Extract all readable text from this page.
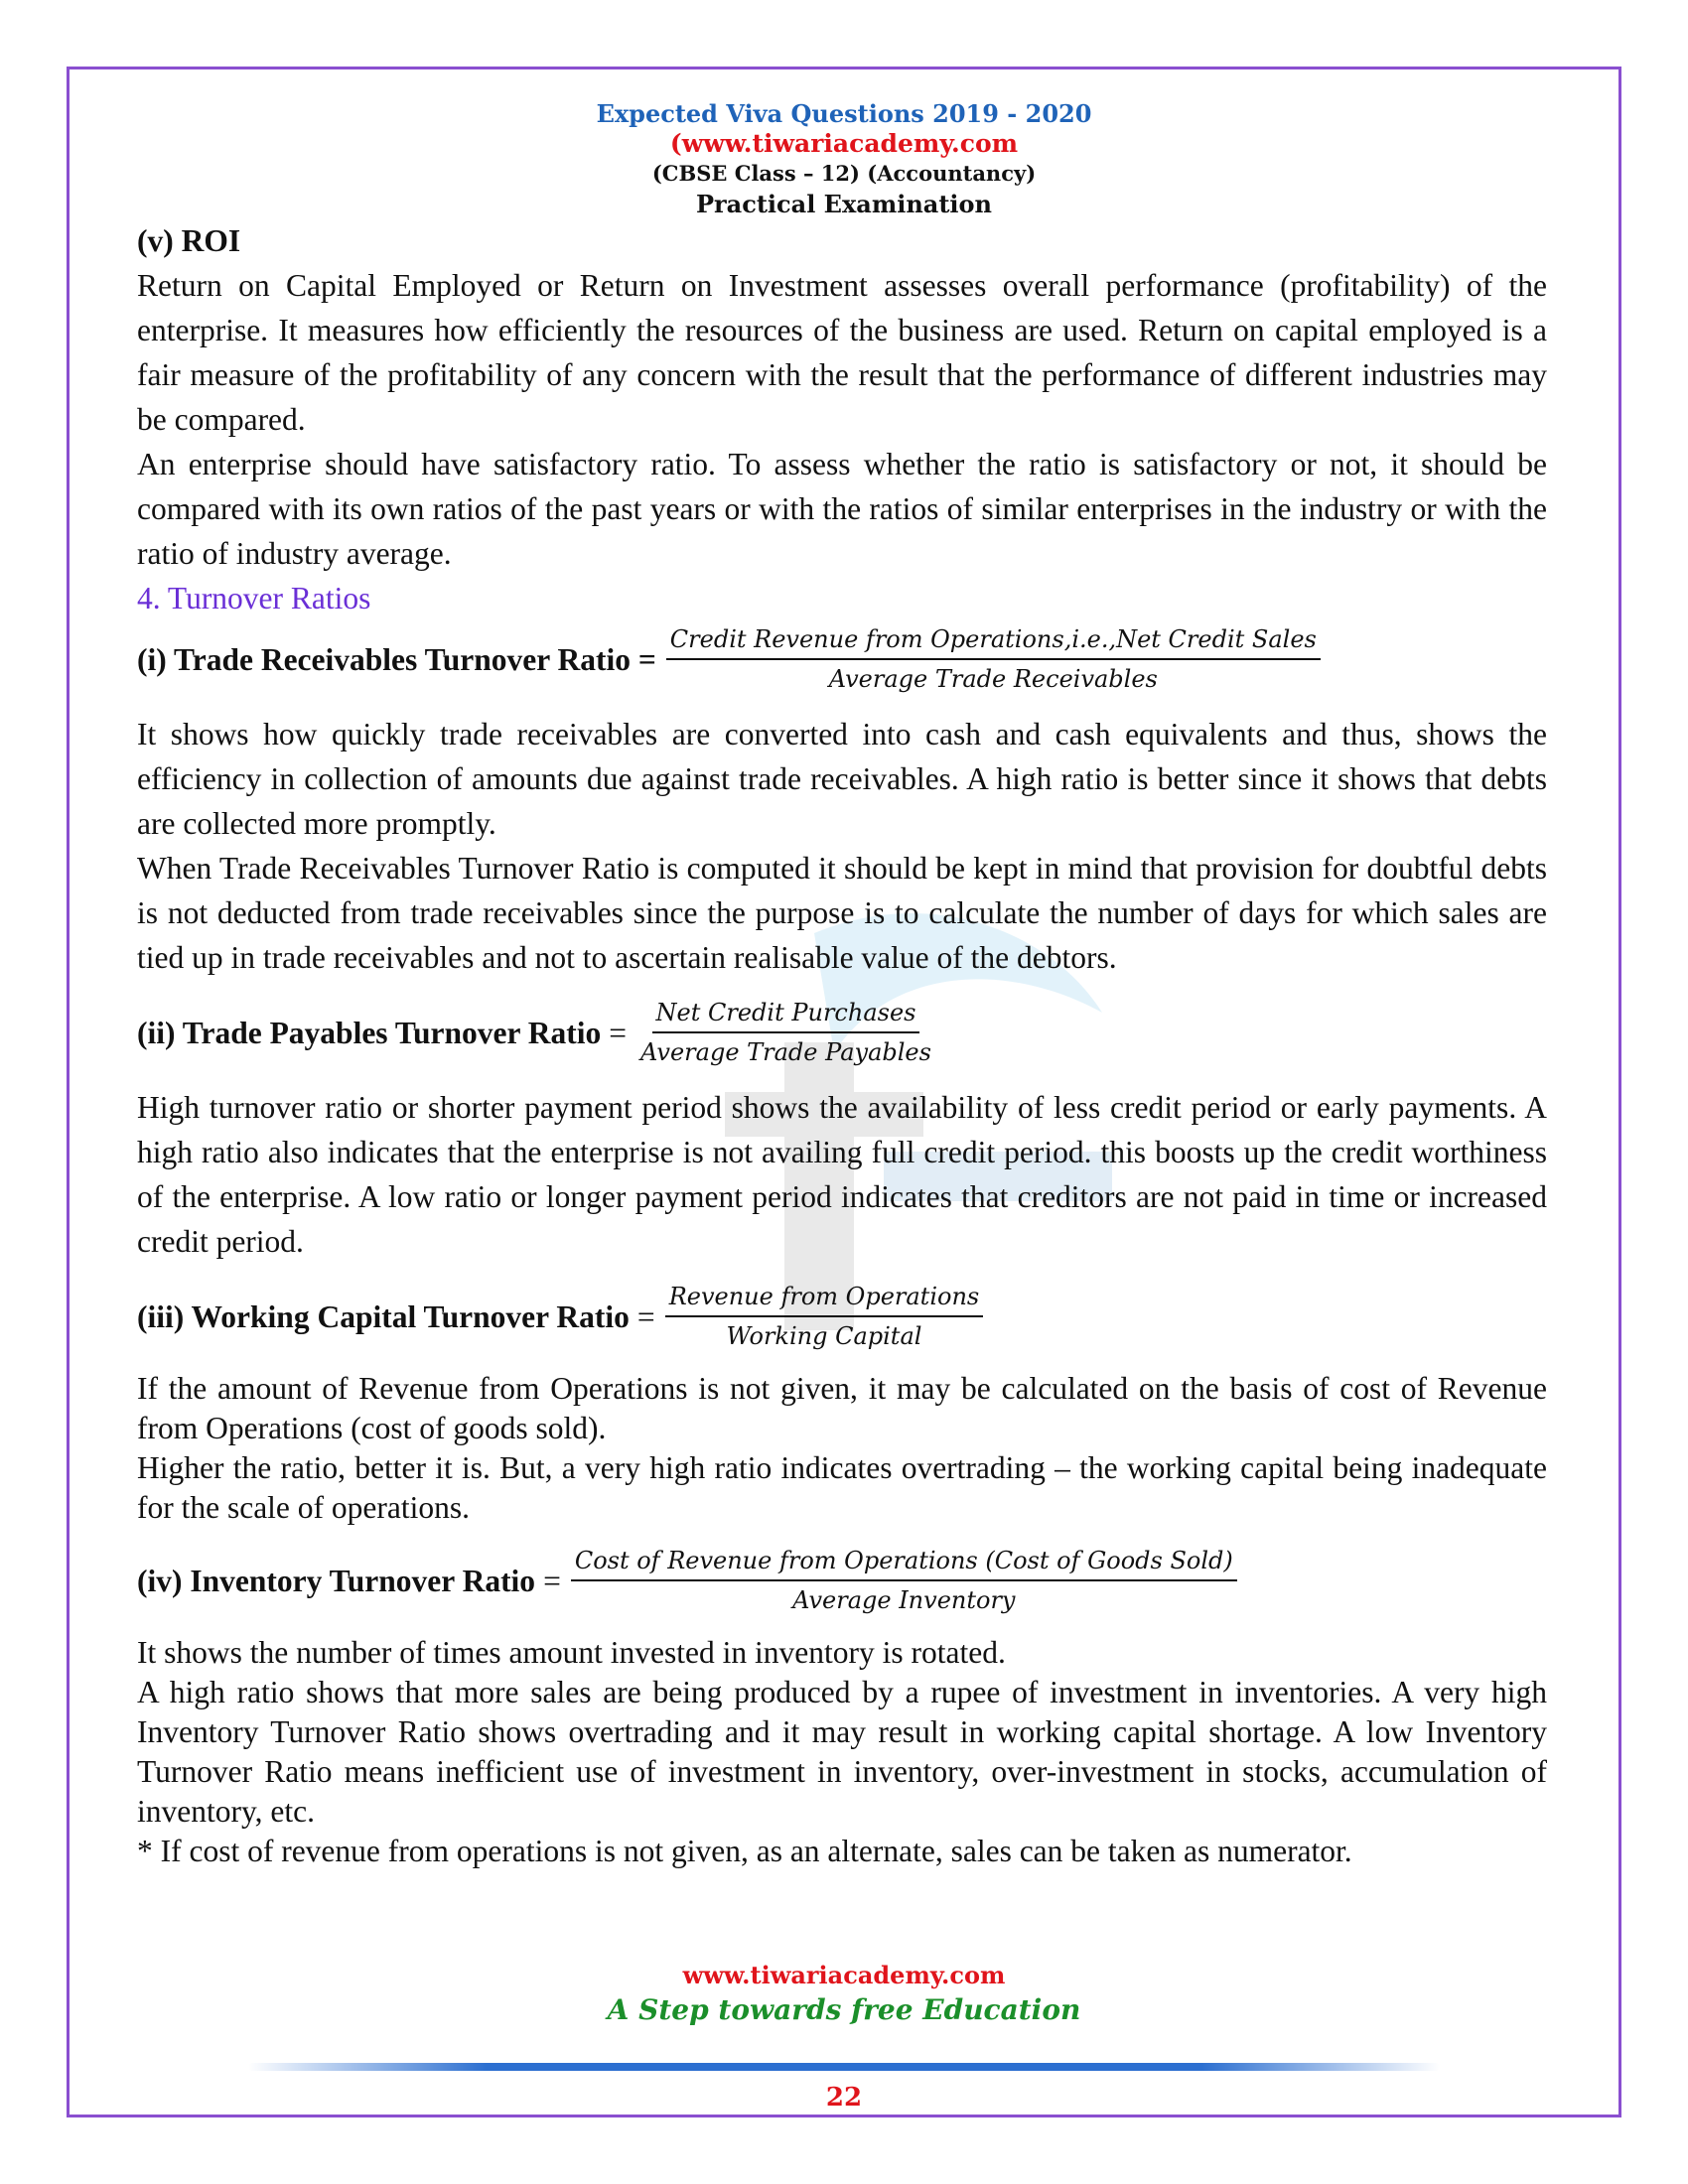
Expected Viva Questions 2019 - 2020
(www.tiwariacademy.com
(CBSE Class – 12) (Accountancy)
Practical Examination

(v) ROI

Return on Capital Employed or Return on Investment assesses overall performance (profitability) of the enterprise. It measures how efficiently the resources of the business are used. Return on capital employed is a fair measure of the profitability of any concern with the result that the performance of different industries may be compared.

An enterprise should have satisfactory ratio. To assess whether the ratio is satisfactory or not, it should be compared with its own ratios of the past years or with the ratios of similar enterprises in the industry or with the ratio of industry average.

4. Turnover Ratios

(i) Trade Receivables Turnover Ratio = $\frac{\text{Credit Revenue from Operations,i.e.,Net Credit Sales}}{\text{Average Trade Receivables}}$

It shows how quickly trade receivables are converted into cash and cash equivalents and thus, shows the efficiency in collection of amounts due against trade receivables. A high ratio is better since it shows that debts are collected more promptly.

When Trade Receivables Turnover Ratio is computed it should be kept in mind that provision for doubtful debts is not deducted from trade receivables since the purpose is to calculate the number of days for which sales are tied up in trade receivables and not to ascertain realisable value of the debtors.

(ii) Trade Payables Turnover Ratio = $\frac{\text{Net Credit Purchases}}{\text{Average Trade Payables}}$

High turnover ratio or shorter payment period shows the availability of less credit period or early payments. A high ratio also indicates that the enterprise is not availing full credit period. this boosts up the credit worthiness of the enterprise. A low ratio or longer payment period indicates that creditors are not paid in time or increased credit period.

(iii) Working Capital Turnover Ratio = $\frac{\text{Revenue from Operations}}{\text{Working Capital}}$

If the amount of Revenue from Operations is not given, it may be calculated on the basis of cost of Revenue from Operations (cost of goods sold).

Higher the ratio, better it is. But, a very high ratio indicates overtrading – the working capital being inadequate for the scale of operations.

(iv) Inventory Turnover Ratio = $\frac{\text{Cost of Revenue from Operations (Cost of Goods Sold)}}{\text{Average Inventory}}$

It shows the number of times amount invested in inventory is rotated.

A high ratio shows that more sales are being produced by a rupee of investment in inventories. A very high Inventory Turnover Ratio shows overtrading and it may result in working capital shortage. A low Inventory Turnover Ratio means inefficient use of investment in inventory, over-investment in stocks, accumulation of inventory, etc.

* If cost of revenue from operations is not given, as an alternate, sales can be taken as numerator.

www.tiwariacademy.com
A Step towards free Education
22
